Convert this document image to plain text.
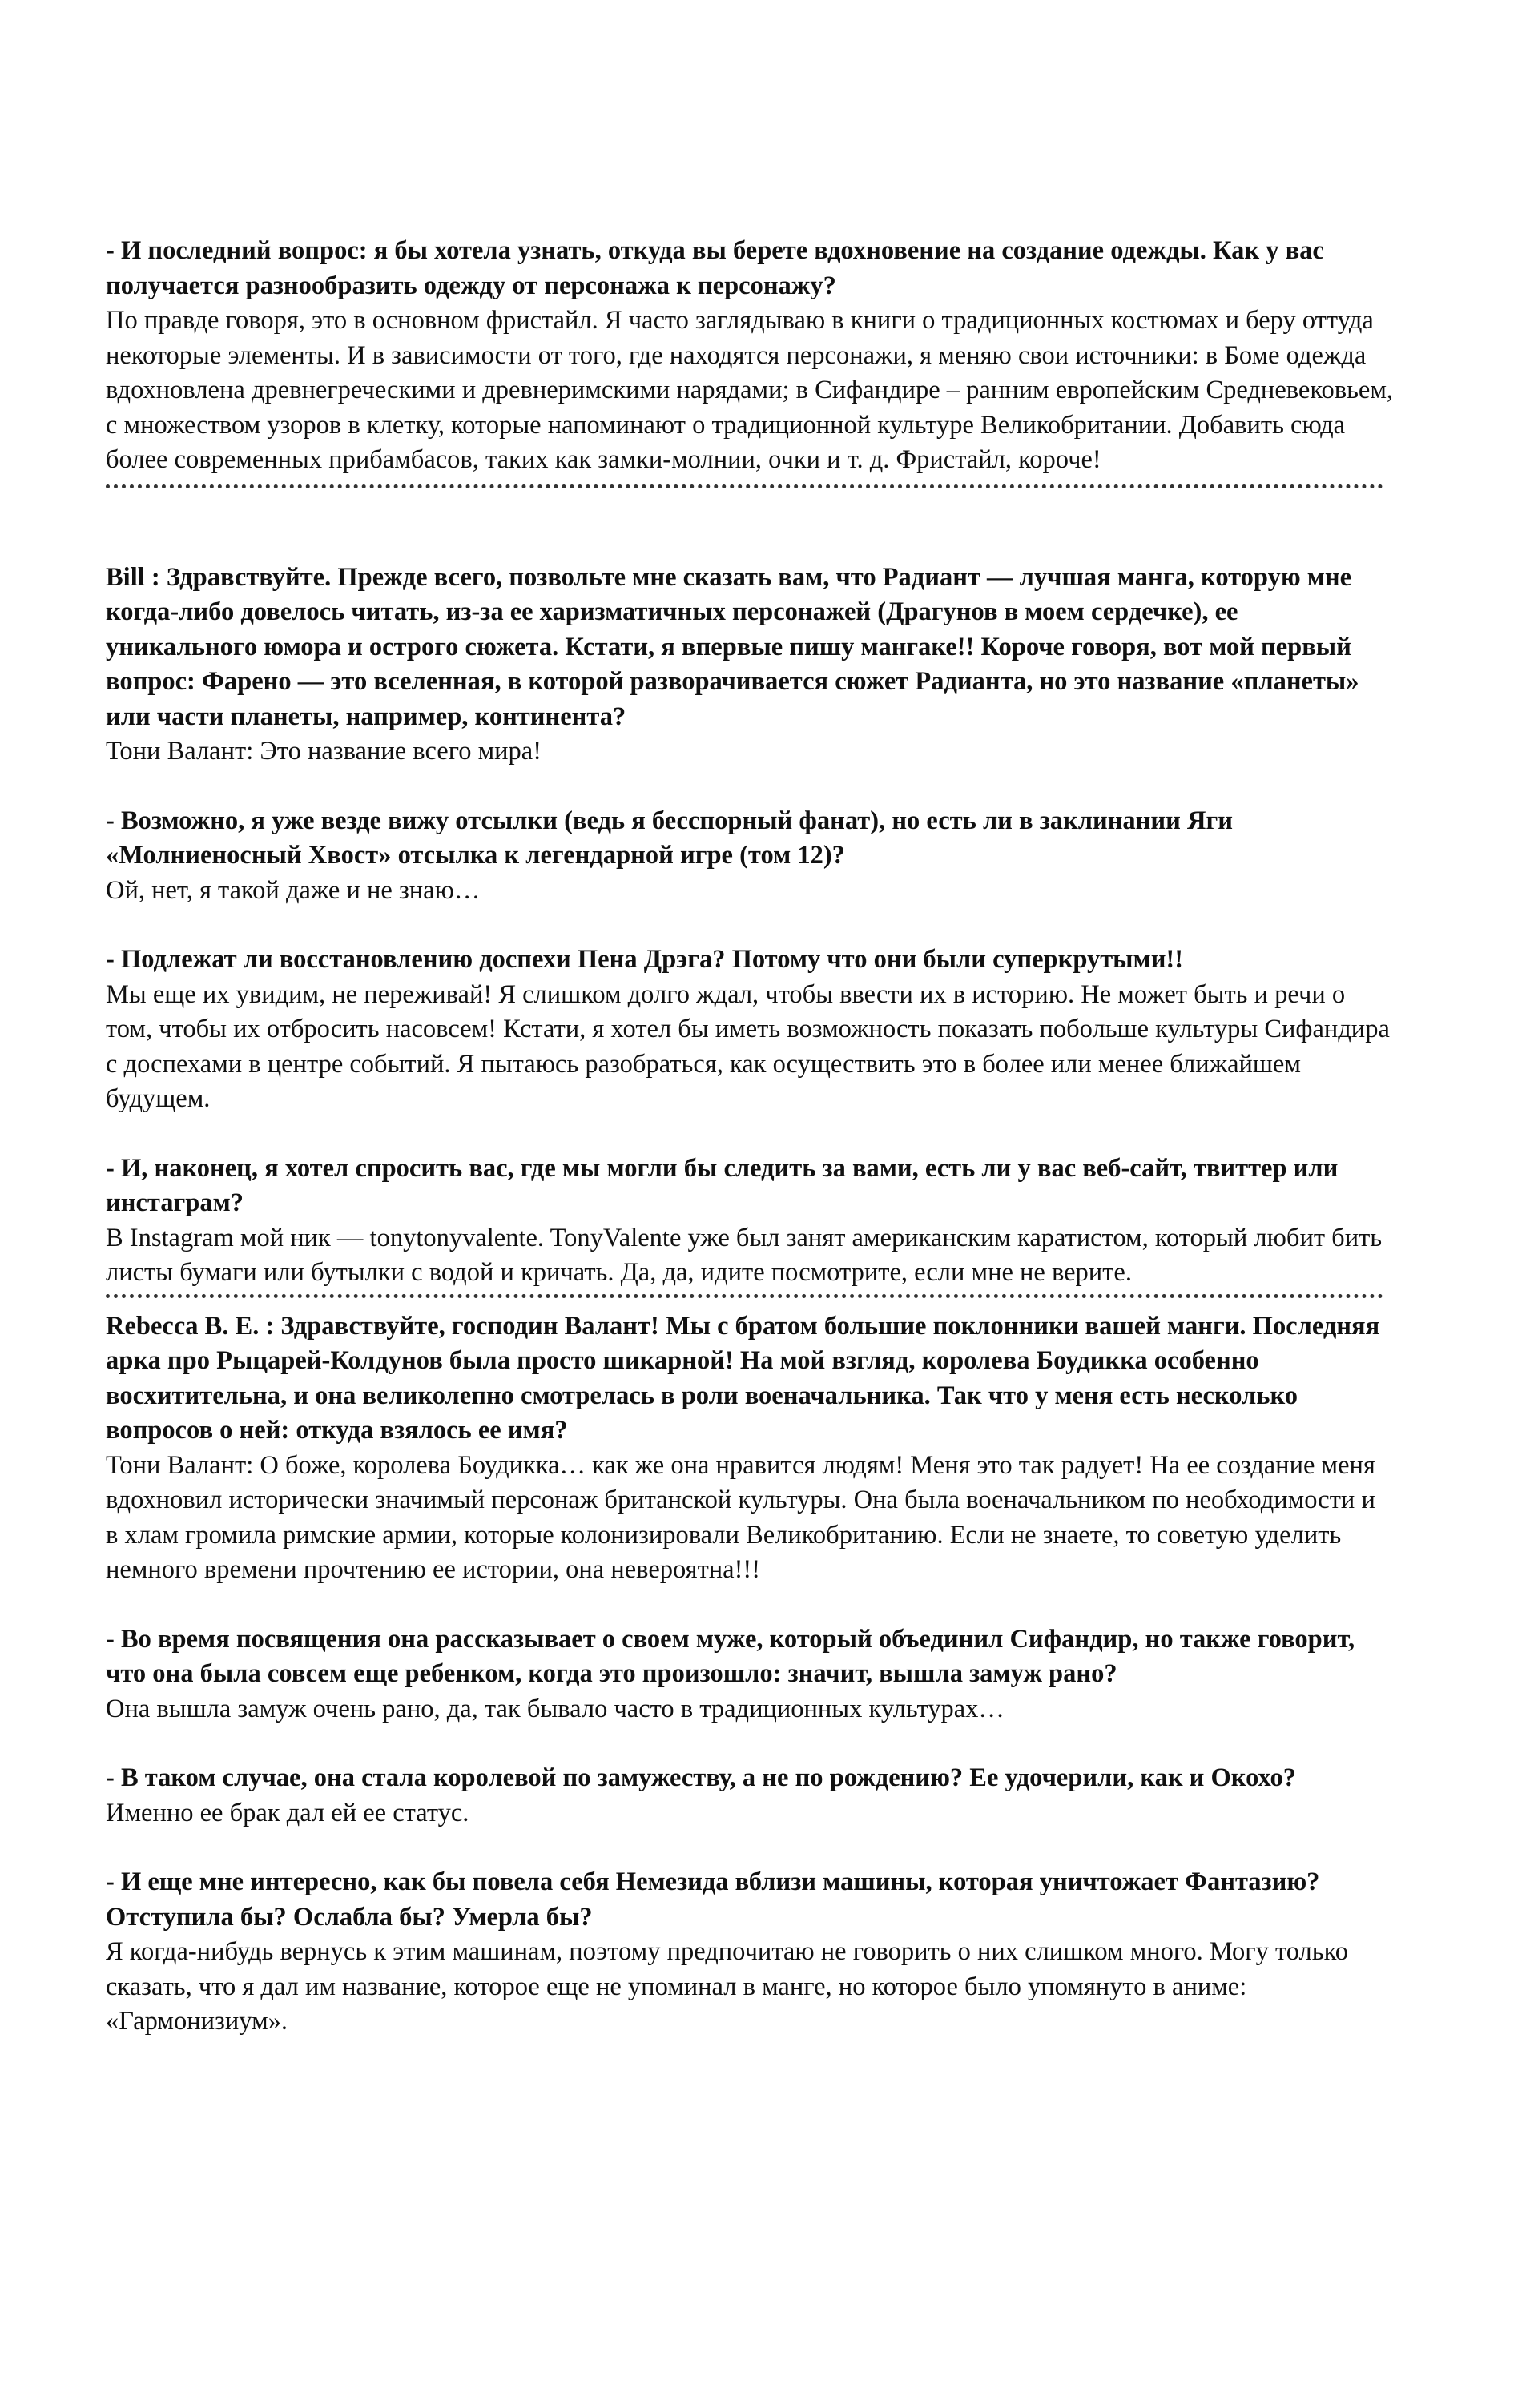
- И последний вопрос: я бы хотела узнать, откуда вы берете вдохновение на создание одежды. Как у вас получается разнообразить одежду от персонажа к персонажу?

По правде говоря, это в основном фристайл. Я часто заглядываю в книги о традиционных костюмах и беру оттуда некоторые элементы. И в зависимости от того, где находятся персонажи, я меняю свои источники: в Боме одежда вдохновлена древнегреческими и древнеримскими нарядами; в Сифандире – ранним европейским Средневековьем, с множеством узоров в клетку, которые напоминают о традиционной культуре Великобритании. Добавить сюда более современных прибамбасов, таких как замки-молнии, очки и т. д. Фристайл, короче!

Bill : Здравствуйте. Прежде всего, позвольте мне сказать вам, что Радиант — лучшая манга, которую мне когда-либо довелось читать, из-за ее харизматичных персонажей (Драгунов в моем сердечке), ее уникального юмора и острого сюжета. Кстати, я впервые пишу мангаке!! Короче говоря, вот мой первый вопрос: Фарено — это вселенная, в которой разворачивается сюжет Радианта, но это название «планеты» или части планеты, например, континента?

Тони Валант: Это название всего мира!

- Возможно, я уже везде вижу отсылки (ведь я бесспорный фанат), но есть ли в заклинании Яги «Молниеносный Хвост» отсылка к легендарной игре (том 12)?

Ой, нет, я такой даже и не знаю…

- Подлежат ли восстановлению доспехи Пена Дрэга? Потому что они были суперкрутыми!!

Мы еще их увидим, не переживай! Я слишком долго ждал, чтобы ввести их в историю. Не может быть и речи о том, чтобы их отбросить насовсем! Кстати, я хотел бы иметь возможность показать побольше культуры Сифандира с доспехами в центре событий. Я пытаюсь разобраться, как осуществить это в более или менее ближайшем будущем.

- И, наконец, я хотел спросить вас, где мы могли бы следить за вами, есть ли у вас веб-сайт, твиттер или инстаграм?

В Instagram мой ник — tonytonyvalente. TonyValente уже был занят американским каратистом, который любит бить листы бумаги или бутылки с водой и кричать. Да, да, идите посмотрите, если мне не верите.

Rebecca B. E. : Здравствуйте, господин Валант! Мы с братом большие поклонники вашей манги. Последняя арка про Рыцарей-Колдунов была просто шикарной! На мой взгляд, королева Боудикка особенно восхитительна, и она великолепно смотрелась в роли военачальника. Так что у меня есть несколько вопросов о ней: откуда взялось ее имя?

Тони Валант: О боже, королева Боудикка… как же она нравится людям! Меня это так радует! На ее создание меня вдохновил исторически значимый персонаж британской культуры. Она была военачальником по необходимости и в хлам громила римские армии, которые колонизировали Великобританию. Если не знаете, то советую уделить немного времени прочтению ее истории, она невероятна!!!

- Во время посвящения она рассказывает о своем муже, который объединил Сифандир, но также говорит, что она была совсем еще ребенком, когда это произошло: значит, вышла замуж рано?

Она вышла замуж очень рано, да, так бывало часто в традиционных культурах…

- В таком случае, она стала королевой по замужеству, а не по рождению? Ее удочерили, как и Окохо?

Именно ее брак дал ей ее статус.

- И еще мне интересно, как бы повела себя Немезида вблизи машины, которая уничтожает Фантазию? Отступила бы? Ослабла бы? Умерла бы?

Я когда-нибудь вернусь к этим машинам, поэтому предпочитаю не говорить о них слишком много. Могу только сказать, что я дал им название, которое еще не упоминал в манге, но которое было упомянуто в аниме: «Гармонизиум».
